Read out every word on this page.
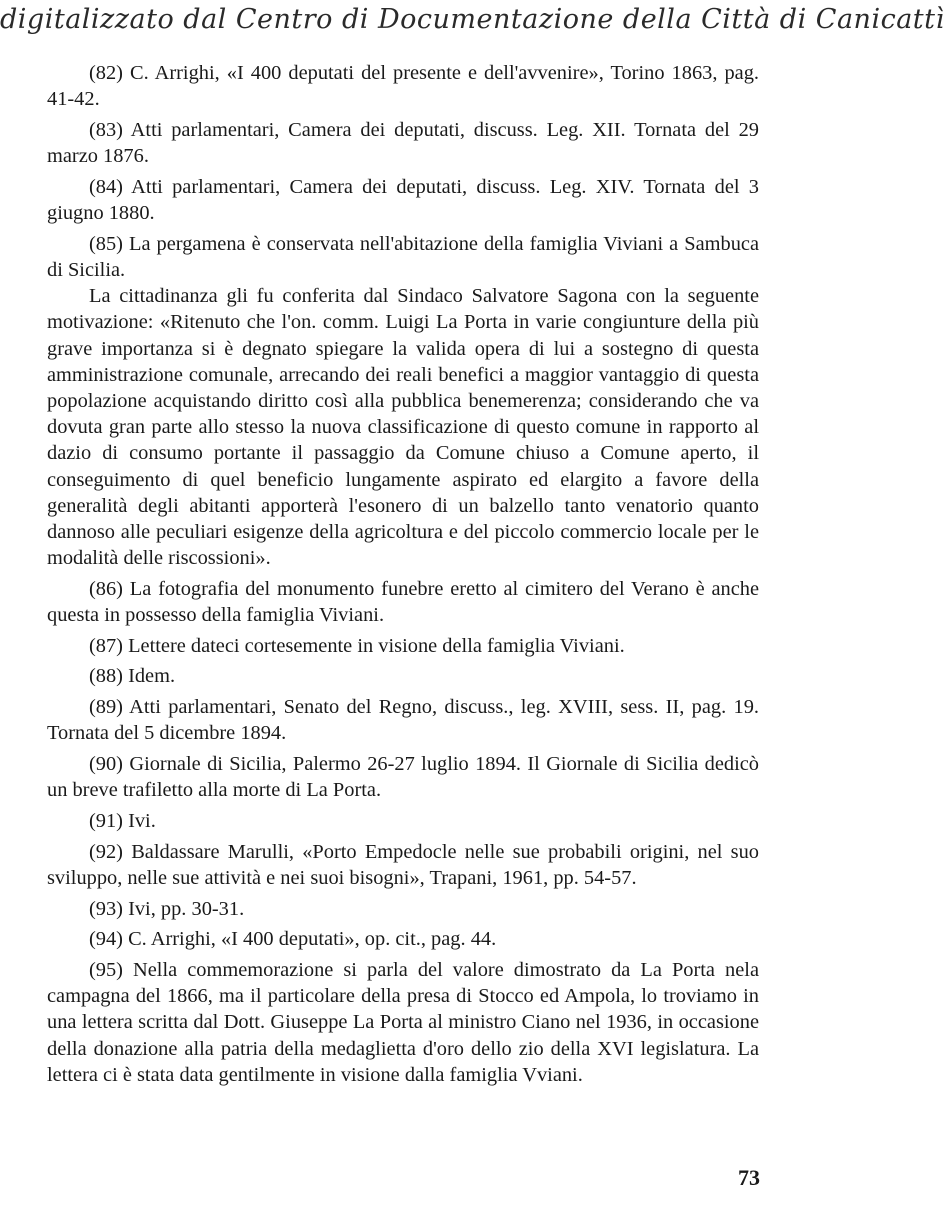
digitalizzato dal Centro di Documentazione della Città di Canicattì

(82) C. Arrighi, «I 400 deputati del presente e dell'avvenire», Torino 1863, pag. 41-42.

(83) Atti parlamentari, Camera dei deputati, discuss. Leg. XII. Tornata del 29 marzo 1876.

(84) Atti parlamentari, Camera dei deputati, discuss. Leg. XIV. Tornata del 3 giugno 1880.

(85) La pergamena è conservata nell'abitazione della famiglia Viviani a Sambuca di Sicilia.

La cittadinanza gli fu conferita dal Sindaco Salvatore Sagona con la seguente motivazione: «Ritenuto che l'on. comm. Luigi La Porta in varie congiunture della più grave importanza si è degnato spiegare la valida opera di lui a sostegno di questa amministrazione comunale, arrecando dei reali benefici a maggior vantaggio di questa popolazione acquistando diritto così alla pubblica benemerenza; considerando che va dovuta gran parte allo stesso la nuova classificazione di questo comune in rapporto al dazio di consumo portante il passaggio da Comune chiuso a Comune aperto, il conseguimento di quel beneficio lungamente aspirato ed elargito a favore della generalità degli abitanti apporterà l'esonero di un balzello tanto venatorio quanto dannoso alle peculiari esigenze della agricoltura e del piccolo commercio locale per le modalità delle riscossioni».

(86) La fotografia del monumento funebre eretto al cimitero del Verano è anche questa in possesso della famiglia Viviani.

(87) Lettere dateci cortesemente in visione della famiglia Viviani.

(88) Idem.

(89) Atti parlamentari, Senato del Regno, discuss., leg. XVIII, sess. II, pag. 19. Tornata del 5 dicembre 1894.

(90) Giornale di Sicilia, Palermo 26-27 luglio 1894. Il Giornale di Sicilia dedicò un breve trafiletto alla morte di La Porta.

(91) Ivi.

(92) Baldassare Marulli, «Porto Empedocle nelle sue probabili origini, nel suo sviluppo, nelle sue attività e nei suoi bisogni», Trapani, 1961, pp. 54-57.

(93) Ivi, pp. 30-31.

(94) C. Arrighi, «I 400 deputati», op. cit., pag. 44.

(95) Nella commemorazione si parla del valore dimostrato da La Porta nela campagna del 1866, ma il particolare della presa di Stocco ed Ampola, lo troviamo in una lettera scritta dal Dott. Giuseppe La Porta al ministro Ciano nel 1936, in occasione della donazione alla patria della medaglietta d'oro dello zio della XVI legislatura. La lettera ci è stata data gentilmente in visione dalla famiglia Vviani.

73
